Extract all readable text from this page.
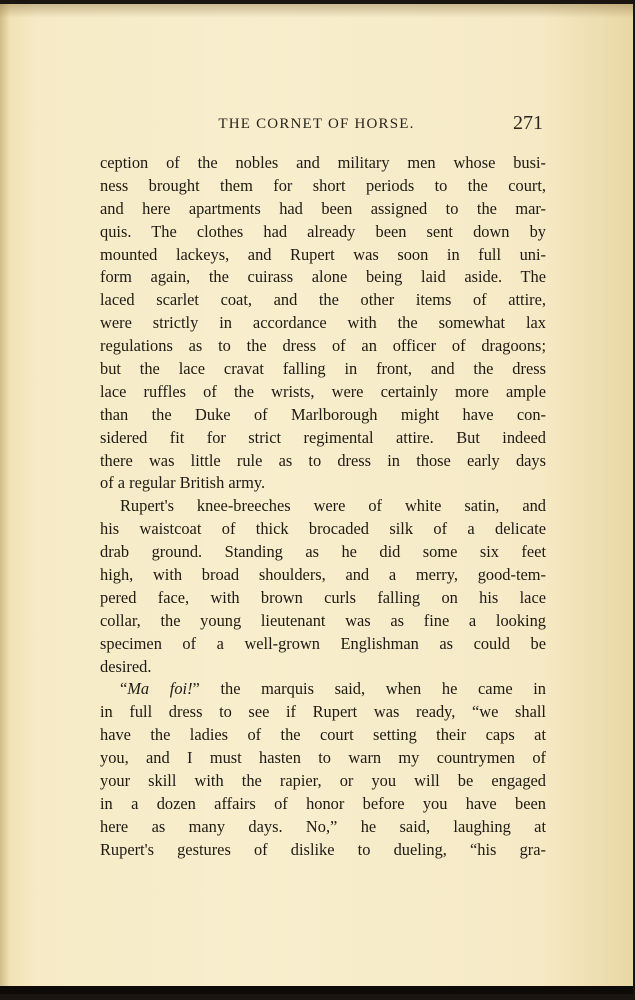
THE CORNET OF HORSE.	271
ception of the nobles and military men whose busi-
ness brought them for short periods to the court,
and here apartments had been assigned to the mar-
quis. The clothes had already been sent down by
mounted lackeys, and Rupert was soon in full uni-
form again, the cuirass alone being laid aside. The
laced scarlet coat, and the other items of attire,
were strictly in accordance with the somewhat lax
regulations as to the dress of an officer of dragoons;
but the lace cravat falling in front, and the dress
lace ruffles of the wrists, were certainly more ample
than the Duke of Marlborough might have con-
sidered fit for strict regimental attire. But indeed
there was little rule as to dress in those early days
of a regular British army.
Rupert's knee-breeches were of white satin, and
his waistcoat of thick brocaded silk of a delicate
drab ground. Standing as he did some six feet
high, with broad shoulders, and a merry, good-tem-
pered face, with brown curls falling on his lace
collar, the young lieutenant was as fine a looking
specimen of a well-grown Englishman as could be
desired.
“Ma foi!” the marquis said, when he came in
in full dress to see if Rupert was ready, “we shall
have the ladies of the court setting their caps at
you, and I must hasten to warn my countrymen of
your skill with the rapier, or you will be engaged
in a dozen affairs of honor before you have been
here as many days. No,” he said, laughing at
Rupert's gestures of dislike to dueling, “his gra-
